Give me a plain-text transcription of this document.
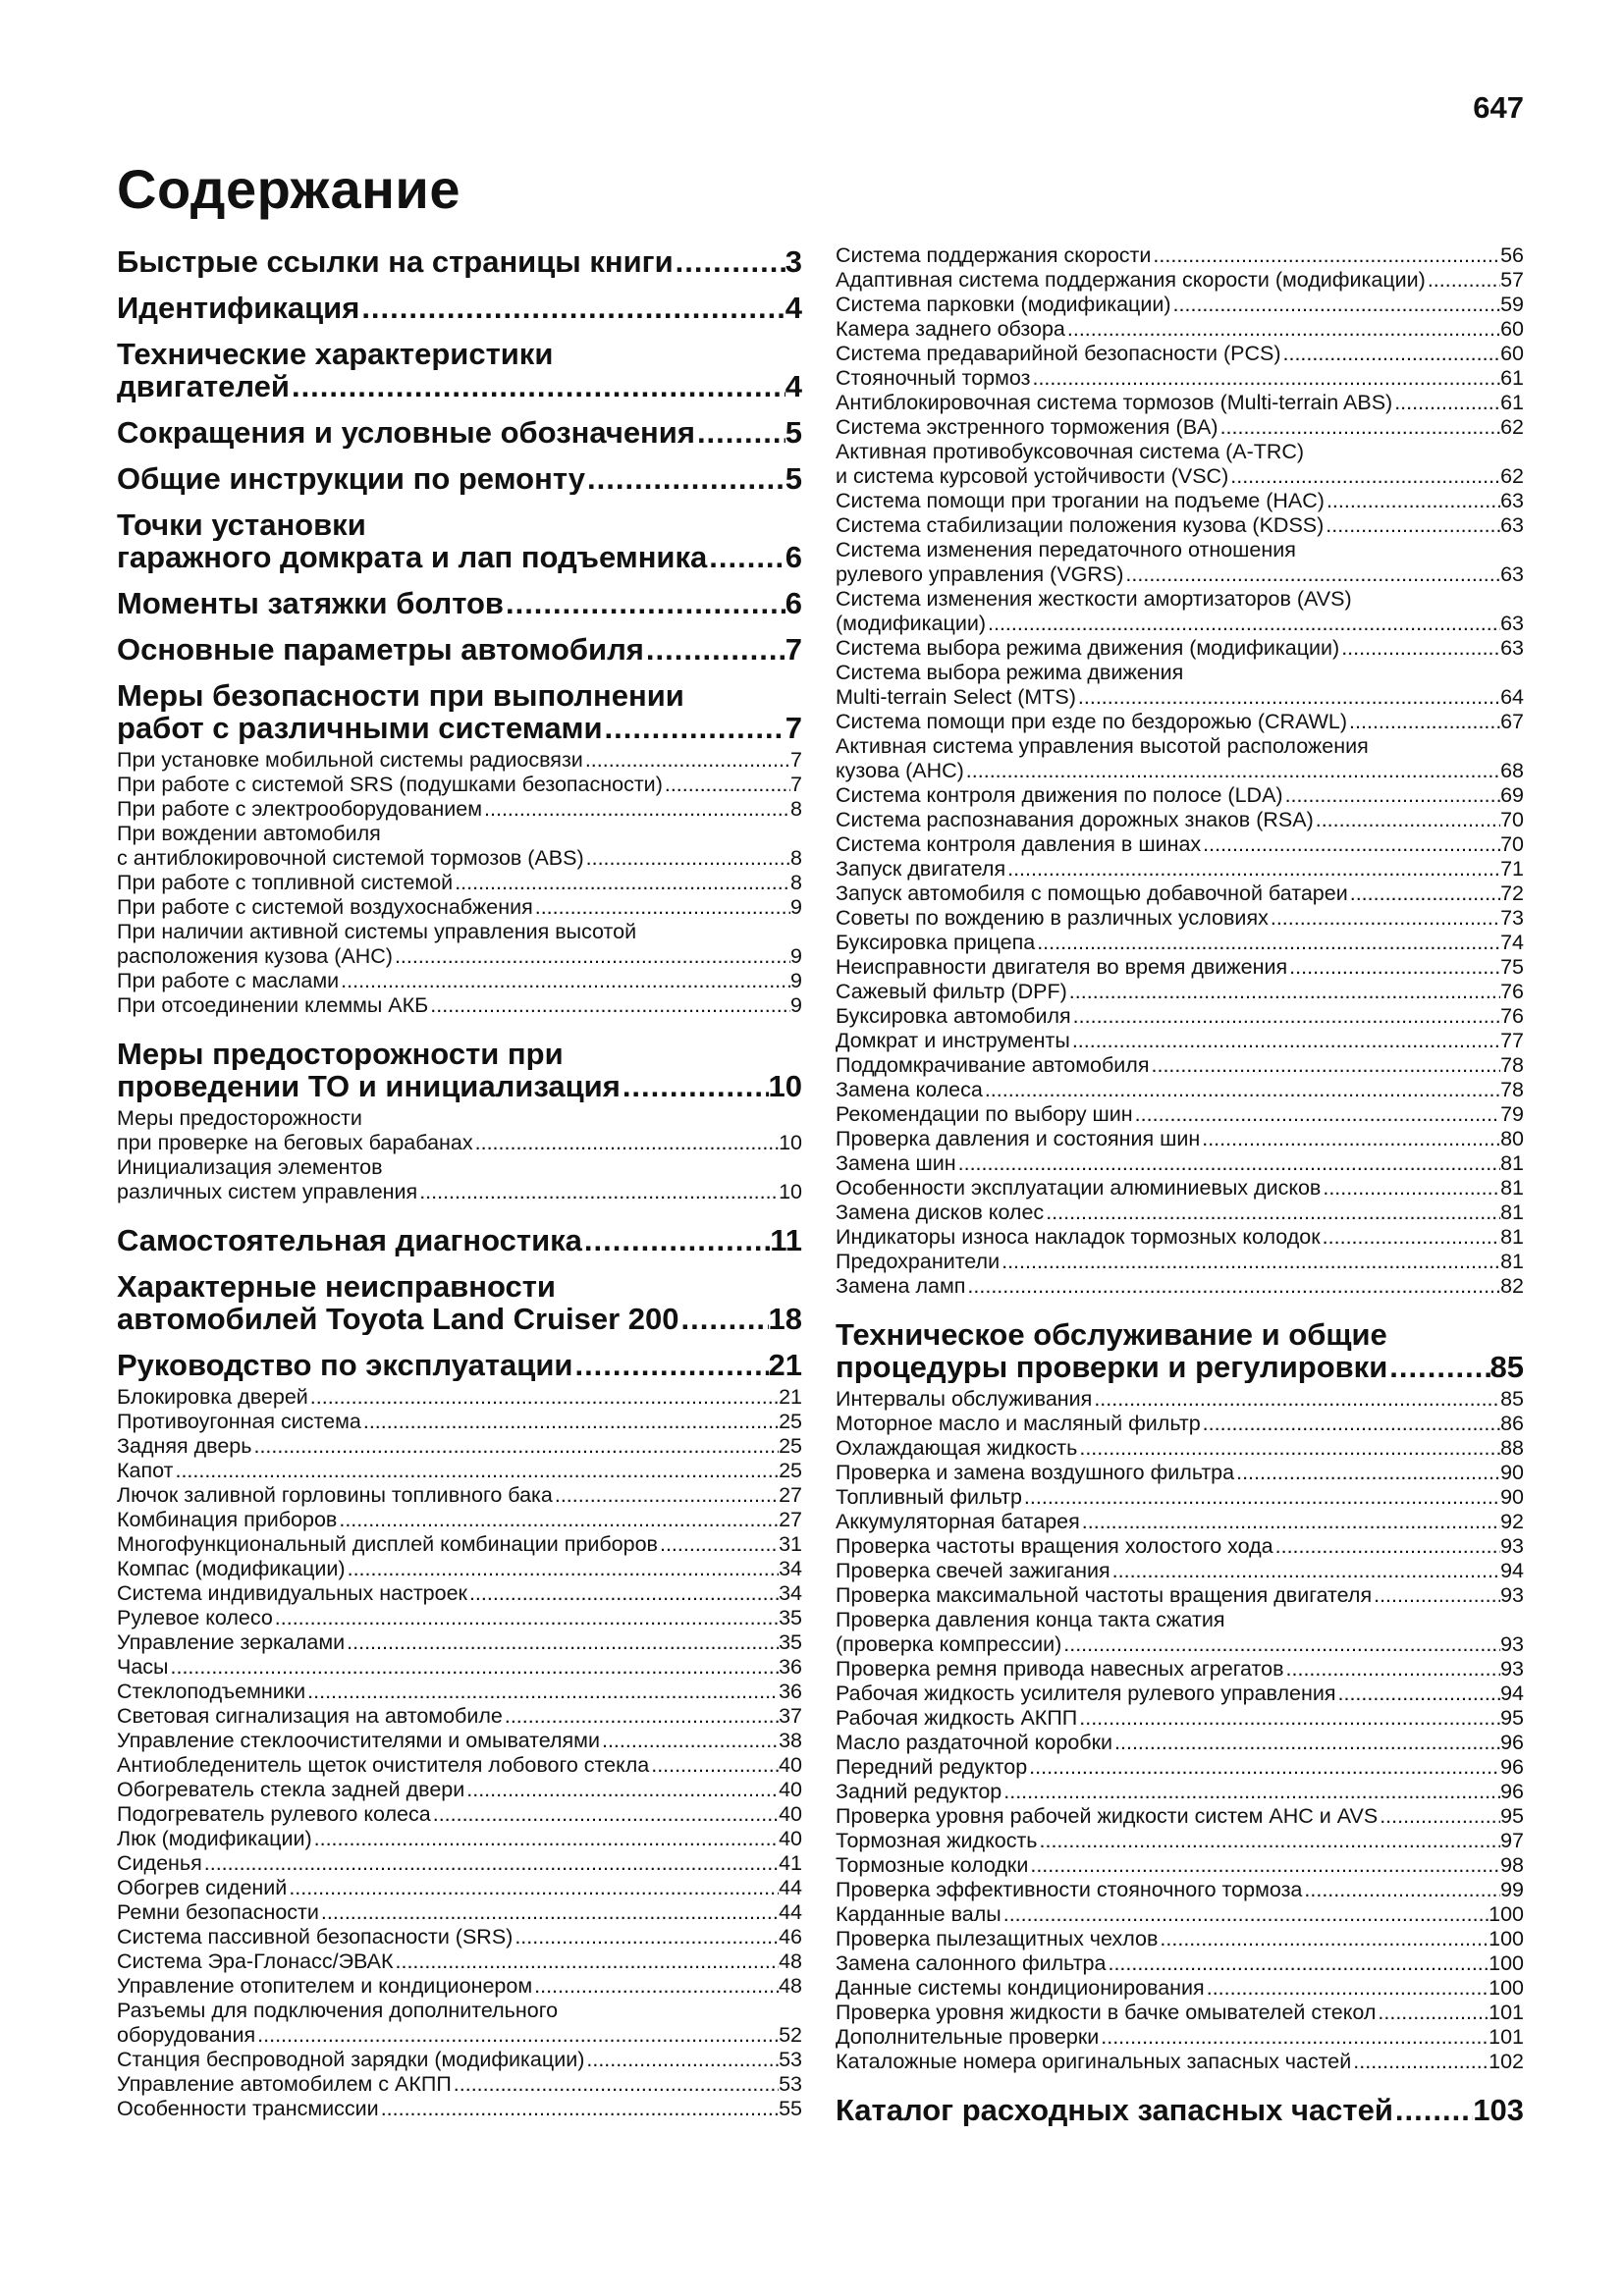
647
Содержание
Быстрые ссылки на страницы книги .....	3
Идентификация .....	4
Технические характеристики
двигателей .....	4
Сокращения и условные обозначения .....	5
Общие инструкции по ремонту .....	5
Точки установки
гаражного домкрата и лап подъемника .....	6
Моменты затяжки болтов .....	6
Основные параметры автомобиля .....	7
Меры безопасности при выполнении
работ с различными системами .....	7
При установке мобильной системы радиосвязи .....	7
При работе с системой SRS (подушками безопасности) .....	7
При работе с электрооборудованием .....	8
При вождении автомобиля
с антиблокировочной системой тормозов (ABS) .....	8
При работе с топливной системой .....	8
При работе с системой воздухоснабжения .....	9
При наличии активной системы управления высотой
расположения кузова (AHC) .....	9
При работе с маслами .....	9
При отсоединении клеммы АКБ .....	9
Меры предосторожности при
проведении ТО и инициализация .....	10
Меры предосторожности
при проверке на беговых барабанах .....	10
Инициализация элементов
различных систем управления .....	10
Самостоятельная диагностика .....	11
Характерные неисправности
автомобилей Toyota Land Cruiser 200 .....	18
Руководство по эксплуатации .....	21
Блокировка дверей .....	21
Противоугонная система .....	25
Задняя дверь .....	25
Капот .....	25
Лючок заливной горловины топливного бака .....	27
Комбинация приборов .....	27
Многофункциональный дисплей комбинации приборов .....	31
Компас (модификации) .....	34
Система индивидуальных настроек .....	34
Рулевое колесо .....	35
Управление зеркалами .....	35
Часы .....	36
Стеклоподъемники .....	36
Световая сигнализация на автомобиле .....	37
Управление стеклоочистителями и омывателями .....	38
Антиобледенитель щеток очистителя лобового стекла .....	40
Обогреватель стекла задней двери .....	40
Подогреватель рулевого колеса .....	40
Люк (модификации) .....	40
Сиденья .....	41
Обогрев сидений .....	44
Ремни безопасности .....	44
Система пассивной безопасности (SRS) .....	46
Система Эра-Глонасс/ЭВАК .....	48
Управление отопителем и кондиционером .....	48
Разъемы для подключения дополнительного
оборудования .....	52
Станция беспроводной зарядки (модификации) .....	53
Управление автомобилем с АКПП .....	53
Особенности трансмиссии .....	55
Система поддержания скорости .....	56
Адаптивная система поддержания скорости (модификации) .....	57
Система парковки (модификации) .....	59
Камера заднего обзора .....	60
Система предаварийной безопасности (PCS) .....	60
Стояночный тормоз .....	61
Антиблокировочная система тормозов (Multi-terrain ABS) .....	61
Система экстренного торможения (BA) .....	62
Активная противобуксовочная система (A-TRC)
и система курсовой устойчивости (VSC) .....	62
Система помощи при трогании на подъеме (HAC) .....	63
Система стабилизации положения кузова (KDSS) .....	63
Система изменения передаточного отношения
рулевого управления (VGRS) .....	63
Система изменения жесткости амортизаторов (AVS)
(модификации) .....	63
Система выбора режима движения (модификации) .....	63
Система выбора режима движения
Multi-terrain Select (MTS) .....	64
Система помощи при езде по бездорожью (CRAWL) .....	67
Активная система управления высотой расположения
кузова (AHC) .....	68
Система контроля движения по полосе (LDA) .....	69
Система распознавания дорожных знаков (RSA) .....	70
Система контроля давления в шинах .....	70
Запуск двигателя .....	71
Запуск автомобиля с помощью добавочной батареи .....	72
Советы по вождению в различных условиях .....	73
Буксировка прицепа .....	74
Неисправности двигателя во время движения .....	75
Сажевый фильтр (DPF) .....	76
Буксировка автомобиля .....	76
Домкрат и инструменты .....	77
Поддомкрачивание автомобиля .....	78
Замена колеса .....	78
Рекомендации по выбору шин .....	79
Проверка давления и состояния шин .....	80
Замена шин .....	81
Особенности эксплуатации алюминиевых дисков .....	81
Замена дисков колес .....	81
Индикаторы износа накладок тормозных колодок .....	81
Предохранители .....	81
Замена ламп .....	82
Техническое обслуживание и общие
процедуры проверки и регулировки .....	85
Интервалы обслуживания .....	85
Моторное масло и масляный фильтр .....	86
Охлаждающая жидкость .....	88
Проверка и замена воздушного фильтра .....	90
Топливный фильтр .....	90
Аккумуляторная батарея .....	92
Проверка частоты вращения холостого хода .....	93
Проверка свечей зажигания .....	94
Проверка максимальной частоты вращения двигателя .....	93
Проверка давления конца такта сжатия
(проверка компрессии) .....	93
Проверка ремня привода навесных агрегатов .....	93
Рабочая жидкость усилителя рулевого управления .....	94
Рабочая жидкость АКПП .....	95
Масло раздаточной коробки .....	96
Передний редуктор .....	96
Задний редуктор .....	96
Проверка уровня рабочей жидкости систем AHC и AVS .....	95
Тормозная жидкость .....	97
Тормозные колодки .....	98
Проверка эффективности стояночного тормоза .....	99
Карданные валы .....	100
Проверка пылезащитных чехлов .....	100
Замена салонного фильтра .....	100
Данные системы кондиционирования .....	100
Проверка уровня жидкости в бачке омывателей стекол .....	101
Дополнительные проверки .....	101
Каталожные номера оригинальных запасных частей .....	102
Каталог расходных запасных частей .....	103
